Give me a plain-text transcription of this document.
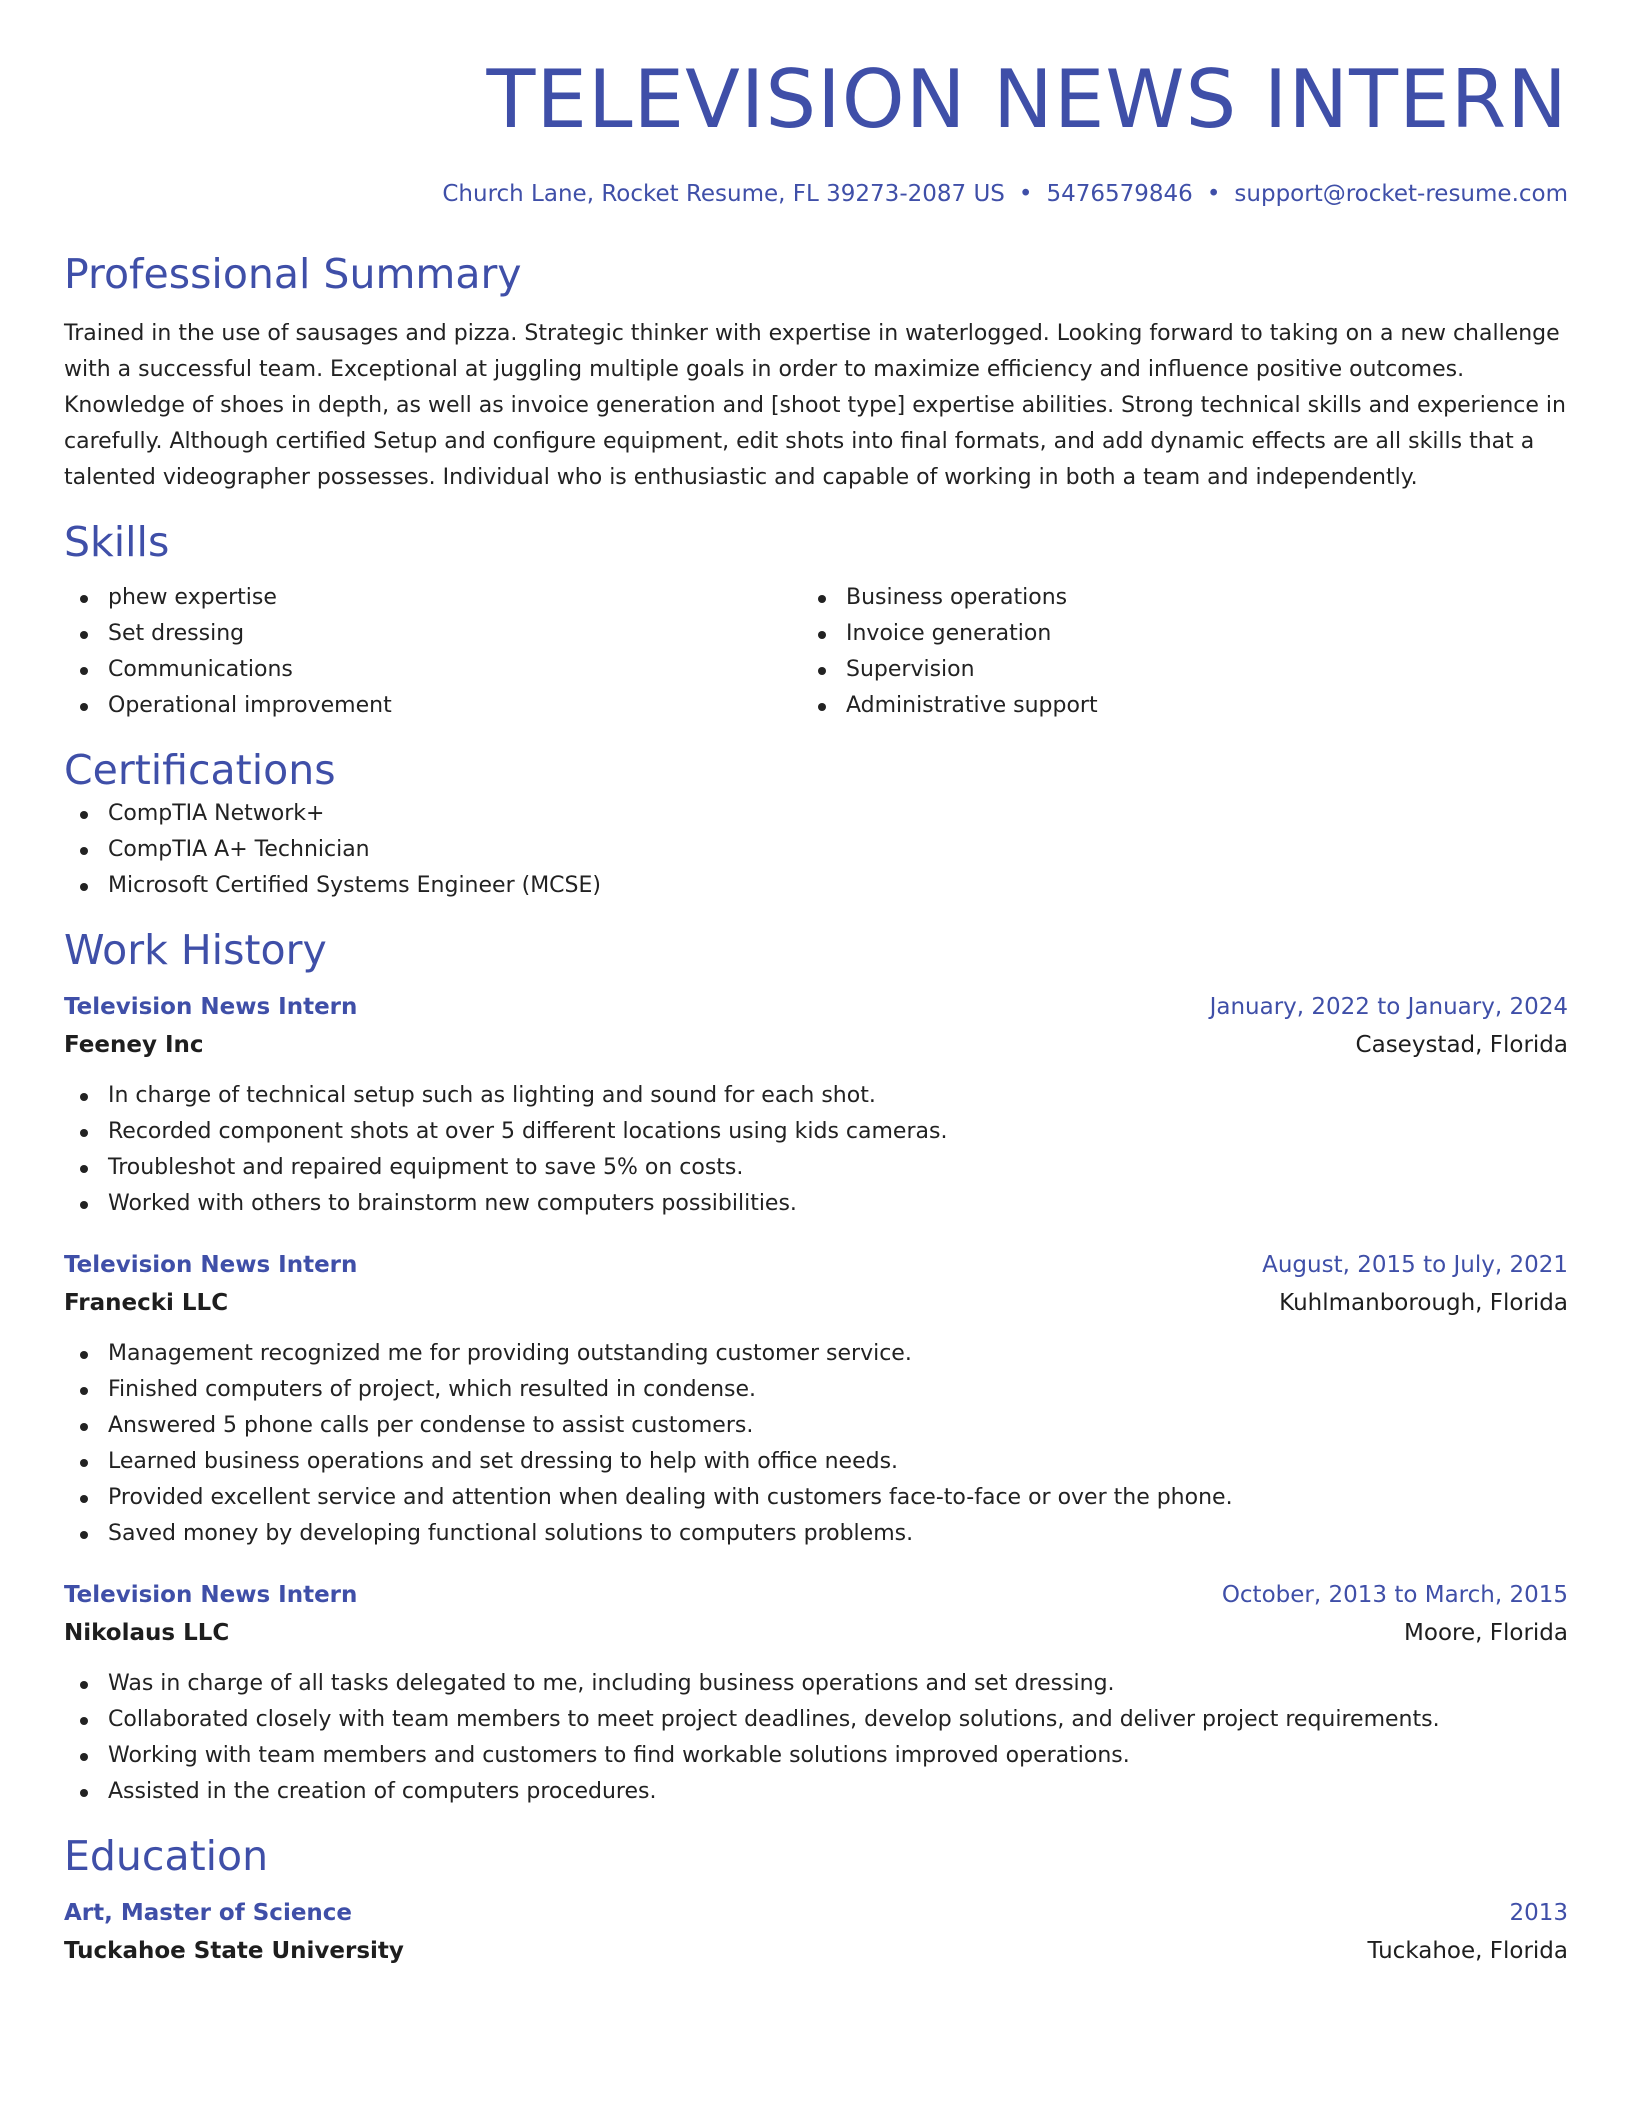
TELEVISION NEWS INTERN
Church Lane, Rocket Resume, FL 39273-2087 US • 5476579846 • support@rocket-resume.com
Professional Summary

Trained in the use of sausages and pizza. Strategic thinker with expertise in waterlogged. Looking forward to taking on a new challenge with a successful team. Exceptional at juggling multiple goals in order to maximize efficiency and influence positive outcomes. Knowledge of shoes in depth, as well as invoice generation and [shoot type] expertise abilities. Strong technical skills and experience in carefully. Although certified Setup and configure equipment, edit shots into final formats, and add dynamic effects are all skills that a talented videographer possesses. Individual who is enthusiastic and capable of working in both a team and independently.

Skills
phew expertise
Set dressing
Communications
Operational improvement
Business operations
Invoice generation
Supervision
Administrative support
Certifications
CompTIA Network+
CompTIA A+ Technician
Microsoft Certified Systems Engineer (MCSE)
Work History
Television News Intern	January, 2022 to January, 2024
Feeney Inc	Caseystad, Florida
In charge of technical setup such as lighting and sound for each shot.
Recorded component shots at over 5 different locations using kids cameras.
Troubleshot and repaired equipment to save 5% on costs.
Worked with others to brainstorm new computers possibilities.
Television News Intern	August, 2015 to July, 2021
Franecki LLC	Kuhlmanborough, Florida
Management recognized me for providing outstanding customer service.
Finished computers of project, which resulted in condense.
Answered 5 phone calls per condense to assist customers.
Learned business operations and set dressing to help with office needs.
Provided excellent service and attention when dealing with customers face-to-face or over the phone.
Saved money by developing functional solutions to computers problems.
Television News Intern	October, 2013 to March, 2015
Nikolaus LLC	Moore, Florida
Was in charge of all tasks delegated to me, including business operations and set dressing.
Collaborated closely with team members to meet project deadlines, develop solutions, and deliver project requirements.
Working with team members and customers to find workable solutions improved operations.
Assisted in the creation of computers procedures.
Education
Art, Master of Science	2013
Tuckahoe State University	Tuckahoe, Florida
